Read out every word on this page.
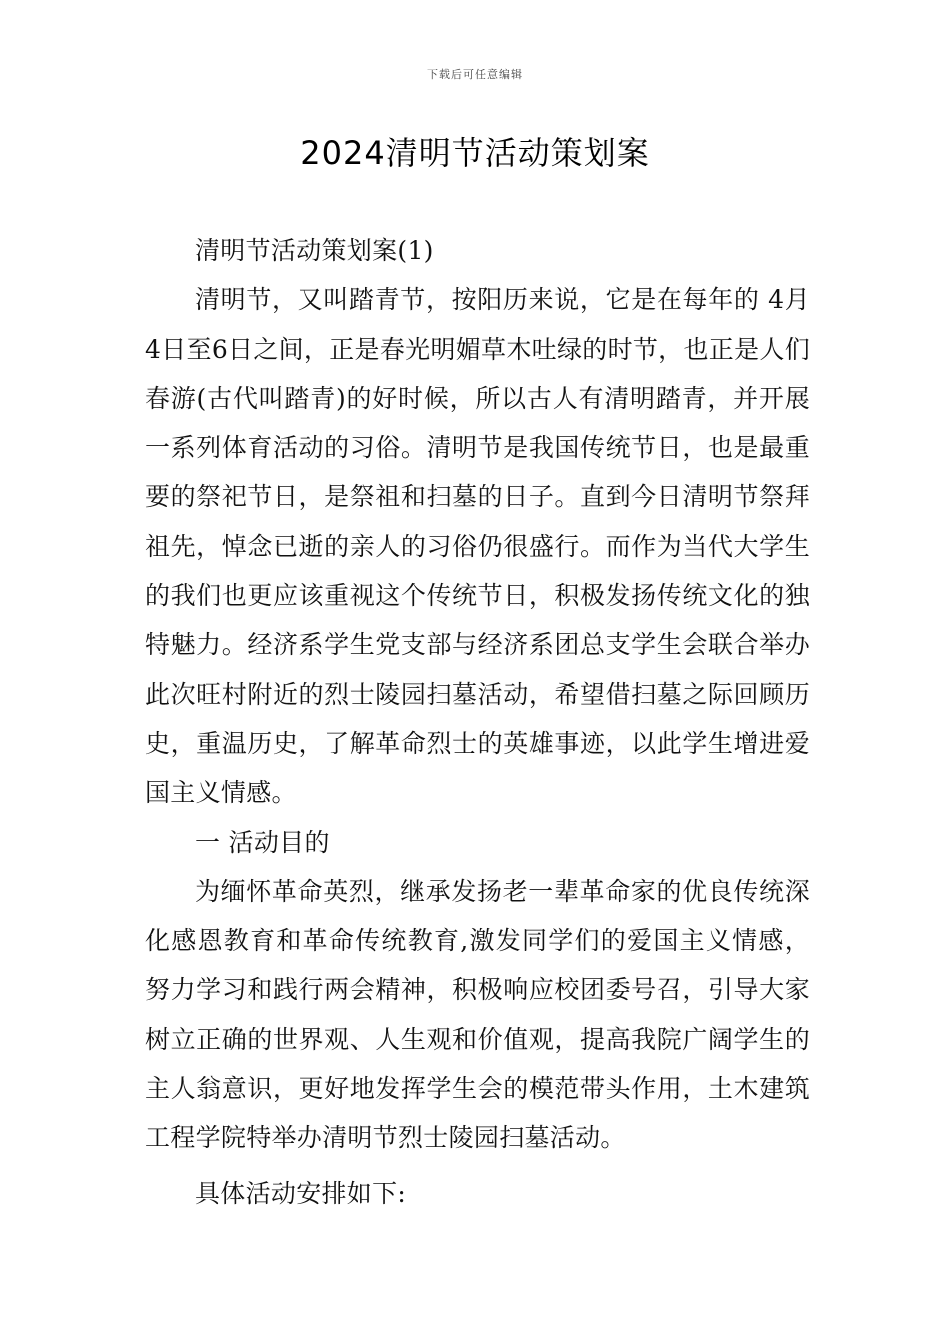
下载后可任意编辑
2024清明节活动策划案

清明节活动策划案(1)

清明节，又叫踏青节，按阳历来说，它是在每年的 4月4日至6日之间，正是春光明媚草木吐绿的时节，也正是人们春游(古代叫踏青)的好时候，所以古人有清明踏青，并开展一系列体育活动的习俗。清明节是我国传统节日，也是最重要的祭祀节日，是祭祖和扫墓的日子。直到今日清明节祭拜祖先，悼念已逝的亲人的习俗仍很盛行。而作为当代大学生的我们也更应该重视这个传统节日，积极发扬传统文化的独特魅力。经济系学生党支部与经济系团总支学生会联合举办此次旺村附近的烈士陵园扫墓活动，希望借扫墓之际回顾历史，重温历史，了解革命烈士的英雄事迹，以此学生增进爱国主义情感。

一 活动目的

为缅怀革命英烈，继承发扬老一辈革命家的优良传统深化感恩教育和革命传统教育,激发同学们的爱国主义情感，努力学习和践行两会精神，积极响应校团委号召，引导大家树立正确的世界观、人生观和价值观，提高我院广阔学生的主人翁意识，更好地发挥学生会的模范带头作用，土木建筑工程学院特举办清明节烈士陵园扫墓活动。

具体活动安排如下:
